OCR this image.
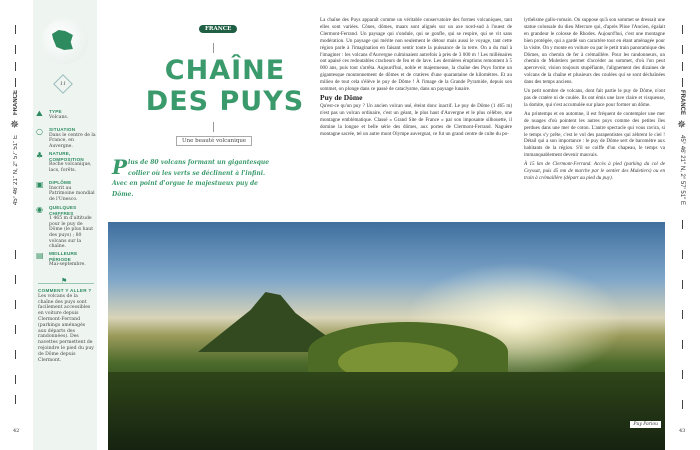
FRANCE
✵
45° 46' 21'' N, 2° 57' 51'' E
42
11
⛰	TYPE
Volcans.
○	SITUATION
Dans le centre de la France, en Auvergne.
♣	NATURE, COMPOSITION
Roche volcanique, lacs, forêts.
▣	DIPLÔME
Inscrit au Patrimoine mondial de l'Unesco.
◉	QUELQUES CHIFFRES
1 465 m d'altitude pour le puy de Dôme (le plus haut des puys) ; 80 volcans sur la chaîne.
▤	MEILLEURE PÉRIODE
Mai-septembre.
⚑
COMMENT Y ALLER ?
Les volcans de la chaîne des puys sont facilement accessibles en voiture depuis Clermont-Ferrand (parkings aménagés aux départs des randonnées). Des navettes permettent de rejoindre le pied du puy de Dôme depuis Clermont.
FRANCE
CHAÎNE
DES PUYS
Une beauté volcanique
Plus de 80 volcans formant un gigantesque collier où les verts se déclinent à l'infini. Avec en point d'orgue le majestueux puy de Dôme.

La chaîne des Puys apparaît comme un véritable conservatoire des formes volcaniques, tant elles sont variées. Cônes, dômes, maars sont alignés sur un axe nord-sud à l'ouest de Clermont-Ferrand. Un paysage qui s'ondule, qui se gonfle, qui se respire, qui se vit sans modération. Un paysage qui mérite non seulement le détour mais aussi le voyage, tant cette région parle à l'imagination en faisant sentir toute la puissance de la terre. On a du mal à l'imaginer : les volcans d'Auvergne culminaient autrefois à près de 3 000 m ! Les millénaires ont apaisé ces redoutables cracheurs de feu et de lave. Les dernières éruptions remontent à 5 000 ans, puis tout s'arrêta. Aujourd'hui, noble et majestueuse, la chaîne des Puys forme un gigantesque moutonnement de dômes et de cratères d'une quarantaine de kilomètres. Et au milieu de tout cela s'élève le puy de Dôme ! À l'image de la Grande Pyramide, depuis son sommet, on plonge dans ce passé de cataclysme, dans un paysage lunaire.

Puy de Dôme

Qu'est-ce qu'un puy ? Un ancien volcan usé, éteint donc inactif. Le puy de Dôme (1 465 m) n'est pas un volcan ordinaire, c'est un géant, le plus haut d'Auvergne et le plus célèbre, une montagne emblématique. Classé « Grand Site de France » par son imposante silhouette, il domine la longue et belle série des dômes, aux portes de Clermont-Ferrand. Naguère montagne sacrée, tel un autre mont Olympe auvergnat, ce fut un grand centre de culte du po-

Puy Pariou

lythéisme gallo-romain. On suppose qu'à son sommet se dressait une statue colossale du dieu Mercure qui, d'après Pline l'Ancien, égalait en grandeur le colosse de Rhodes. Aujourd'hui, c'est une montagne bien protégée, qui a gardé son caractère tout en étant aménagée pour la visite. On y monte en voiture ou par le petit train panoramique des Dômes, un chemin de fer à crémaillère. Pour les randonneurs, un chemin de Muletiers permet d'accéder au sommet, d'où l'on peut apercevoir, vision toujours stupéfiante, l'alignement des dizaines de volcans de la chaîne et plusieurs des coulées qui se sont déchaînées dans des temps anciens.

Un petit nombre de volcans, dont fait partie le puy de Dôme, n'ont pas de cratère ni de coulée. Ils ont émis une lave claire et visqueuse, la domite, qui s'est accumulée sur place pour former un dôme.

Au printemps et en automne, il est fréquent de contempler une mer de nuages d'où pointent les autres puys comme des petites îles perdues dans une mer de coton. L'autre spectacle qui vous ravira, si le temps s'y prête, c'est le vol des parapentistes qui zèbrent le ciel ! Détail qui a son importance : le puy de Dôme sert de baromètre aux habitants de la région. S'il se coiffe d'un chapeau, le temps va immanquablement devenir mauvais.

À 15 km de Clermont-Ferrand. Accès à pied (parking du col de Ceyssat, puis 45 mn de marche par le sentier des Muletiers) ou en train à crémaillère (départ au pied du puy).

FRANCE
✵
45° 46' 21'' N, 2° 57' 51'' E
43
